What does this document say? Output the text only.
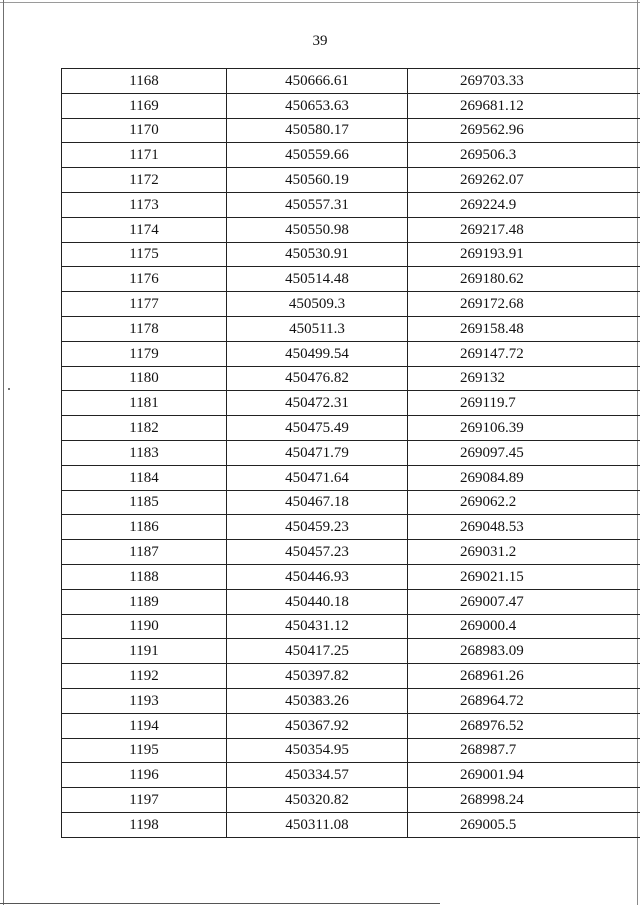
39
1168	450666.61	269703.33
1169	450653.63	269681.12
1170	450580.17	269562.96
1171	450559.66	269506.3
1172	450560.19	269262.07
1173	450557.31	269224.9
1174	450550.98	269217.48
1175	450530.91	269193.91
1176	450514.48	269180.62
1177	450509.3	269172.68
1178	450511.3	269158.48
1179	450499.54	269147.72
1180	450476.82	269132
1181	450472.31	269119.7
1182	450475.49	269106.39
1183	450471.79	269097.45
1184	450471.64	269084.89
1185	450467.18	269062.2
1186	450459.23	269048.53
1187	450457.23	269031.2
1188	450446.93	269021.15
1189	450440.18	269007.47
1190	450431.12	269000.4
1191	450417.25	268983.09
1192	450397.82	268961.26
1193	450383.26	268964.72
1194	450367.92	268976.52
1195	450354.95	268987.7
1196	450334.57	269001.94
1197	450320.82	268998.24
1198	450311.08	269005.5
